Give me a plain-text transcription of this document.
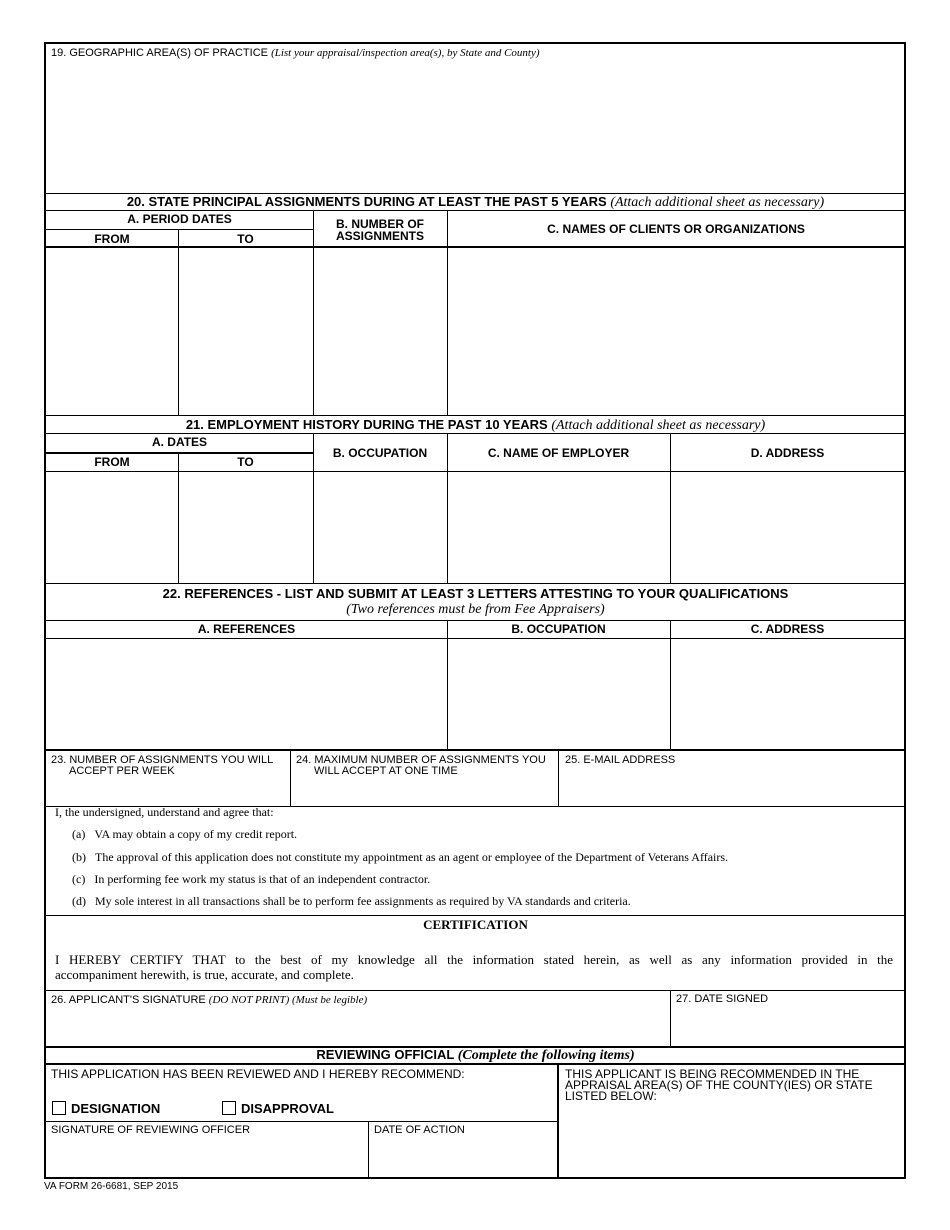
19. GEOGRAPHIC AREA(S) OF PRACTICE (List your appraisal/inspection area(s), by State and County)
20. STATE PRINCIPAL ASSIGNMENTS DURING AT LEAST THE PAST 5 YEARS (Attach additional sheet as necessary)
A. PERIOD DATES
FROM	TO
B. NUMBER OF
ASSIGNMENTS	C. NAMES OF CLIENTS OR ORGANIZATIONS
21. EMPLOYMENT HISTORY DURING THE PAST 10 YEARS (Attach additional sheet as necessary)
A. DATES
FROM	TO
B. OCCUPATION	C. NAME OF EMPLOYER	D. ADDRESS
22. REFERENCES - LIST AND SUBMIT AT LEAST 3 LETTERS ATTESTING TO YOUR QUALIFICATIONS
(Two references must be from Fee Appraisers)
A. REFERENCES	B. OCCUPATION	C. ADDRESS
23. NUMBER OF ASSIGNMENTS YOU WILL
ACCEPT PER WEEK
24. MAXIMUM NUMBER OF ASSIGNMENTS YOU
WILL ACCEPT AT ONE TIME
25. E-MAIL ADDRESS
I, the undersigned, understand and agree that:
(a) VA may obtain a copy of my credit report.
(b) The approval of this application does not constitute my appointment as an agent or employee of the Department of Veterans Affairs.
(c) In performing fee work my status is that of an independent contractor.
(d) My sole interest in all transactions shall be to perform fee assignments as required by VA standards and criteria.
CERTIFICATION
I HEREBY CERTIFY THAT to the best of my knowledge all the information stated herein, as well as any information provided in the
accompaniment herewith, is true, accurate, and complete.
26. APPLICANT'S SIGNATURE (DO NOT PRINT) (Must be legible)	27. DATE SIGNED
REVIEWING OFFICIAL (Complete the following items)
THIS APPLICATION HAS BEEN REVIEWED AND I HEREBY RECOMMEND:
DESIGNATION	DISAPPROVAL
SIGNATURE OF REVIEWING OFFICER	DATE OF ACTION
THIS APPLICANT IS BEING RECOMMENDED IN THE
APPRAISAL AREA(S) OF THE COUNTY(IES) OR STATE
LISTED BELOW:
VA FORM 26-6681, SEP 2015
